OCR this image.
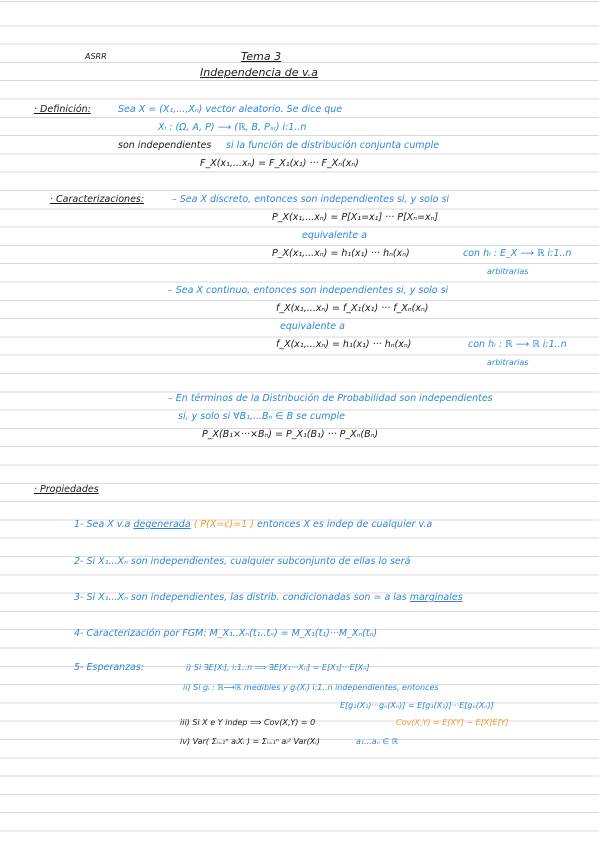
ASRR	Tema 3
Independencia de v.a
· Definición:	Sea X = (X₁,...,Xₙ) vector aleatorio. Se dice que
Xᵢ : (Ω, A, P) ⟶ (ℝ, B, Pₓᵢ) i:1..n
son independientes si la función de distribución conjunta cumple
F_X(x₁,...xₙ) = F_X₁(x₁) ··· F_Xₙ(xₙ)
· Caracterizaciones:	– Sea X discreto, entonces son independientes si, y solo si
P_X(x₁,...xₙ) = P[X₁=x₁] ··· P[Xₙ=xₙ]
equivalente a
P_X(x₁,...xₙ) = h₁(x₁) ··· hₙ(xₙ)	con hᵢ : E_X ⟶ ℝ i:1..n
arbitrarias
– Sea X continuo, entonces son independientes si, y solo si
f_X(x₁,...xₙ) = f_X₁(x₁) ··· f_Xₙ(xₙ)
equivalente a
f_X(x₁,...xₙ) = h₁(x₁) ··· hₙ(xₙ)	con hᵢ : ℝ ⟶ ℝ i:1..n
arbitrarias
– En términos de la Distribución de Probabilidad son independientes
si, y solo si ∀B₁,...Bₙ ∈ B se cumple
P_X(B₁×···×Bₙ) = P_X₁(B₁) ··· P_Xₙ(Bₙ)
· Propiedades
1- Sea X v.a degenerada ( P(X=c)=1 ) entonces X es indep de cualquier v.a
2- Si X₁...Xₙ son independientes, cualquier subconjunto de ellas lo será
3- Si X₁...Xₙ son independientes, las distrib. condicionadas son = a las marginales
4- Caracterización por FGM: M_X₁..Xₙ(t₁..tₙ) = M_X₁(t₁)···M_Xₙ(tₙ)
5- Esperanzas:	i) Si ∃E[Xᵢ], i:1..n ⟹ ∃E[X₁···Xₙ] = E[X₁]···E[Xₙ]
ii) Si gᵢ : ℝ⟶ℝ medibles y gᵢ(Xᵢ) i:1..n independientes, entonces
E[g₁(X₁)···gₙ(Xₙ)] = E[g₁(X₁)]···E[gₙ(Xₙ)]
iii) Si X e Y indep ⟹ Cov(X,Y) = 0	Cov(X,Y) = E[XY] − E[X]E[Y]
iv) Var( Σᵢ₌₁ⁿ aᵢXᵢ ) = Σᵢ₌₁ⁿ aᵢ² Var(Xᵢ)	a₁...aₙ ∈ ℝ
